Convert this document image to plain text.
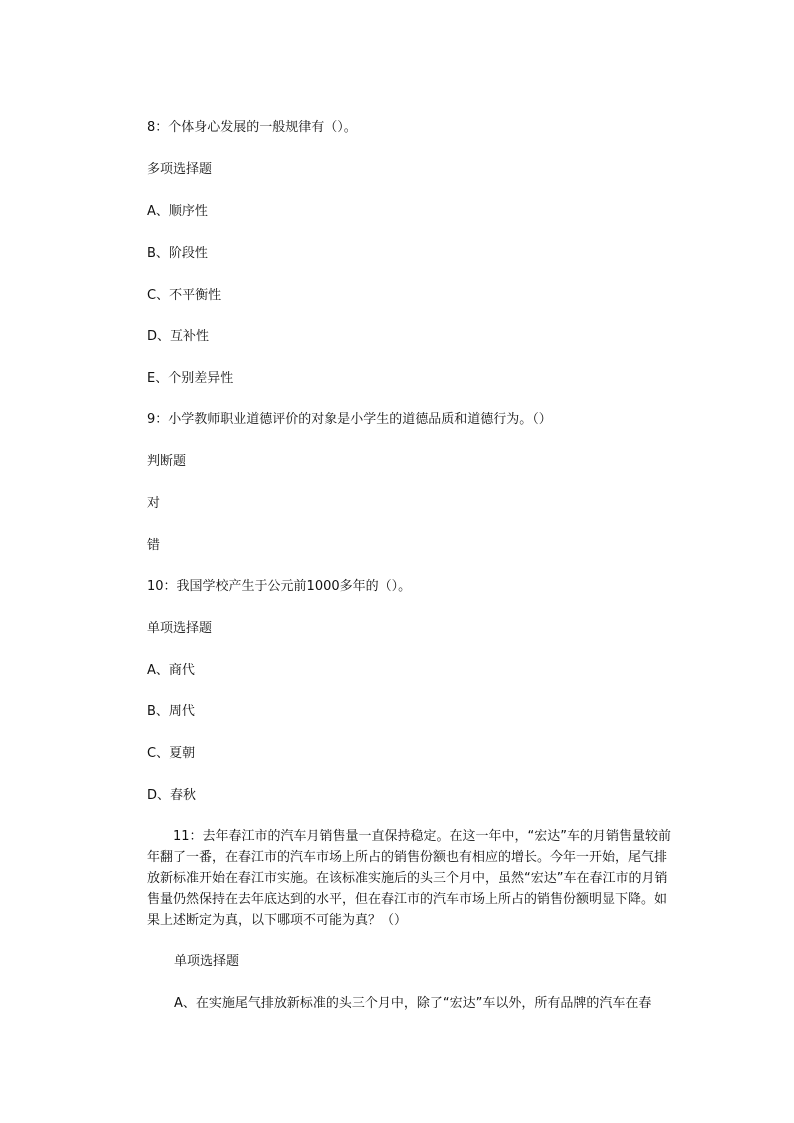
8：个体身心发展的一般规律有（）。
多项选择题
A、顺序性
B、阶段性
C、不平衡性
D、互补性
E、个别差异性
9：小学教师职业道德评价的对象是小学生的道德品质和道德行为。（）
判断题
对
错
10：我国学校产生于公元前1000多年的（）。
单项选择题
A、商代
B、周代
C、夏朝
D、春秋
11：去年春江市的汽车月销售量一直保持稳定。在这一年中，“宏达”车的月销售量较前年翻了一番，在春江市的汽车市场上所占的销售份额也有相应的增长。今年一开始，尾气排放新标准开始在春江市实施。在该标准实施后的头三个月中，虽然“宏达”车在春江市的月销售量仍然保持在去年底达到的水平，但在春江市的汽车市场上所占的销售份额明显下降。如果上述断定为真，以下哪项不可能为真？（）
单项选择题
A、在实施尾气排放新标准的头三个月中，除了“宏达”车以外，所有品牌的汽车在春
